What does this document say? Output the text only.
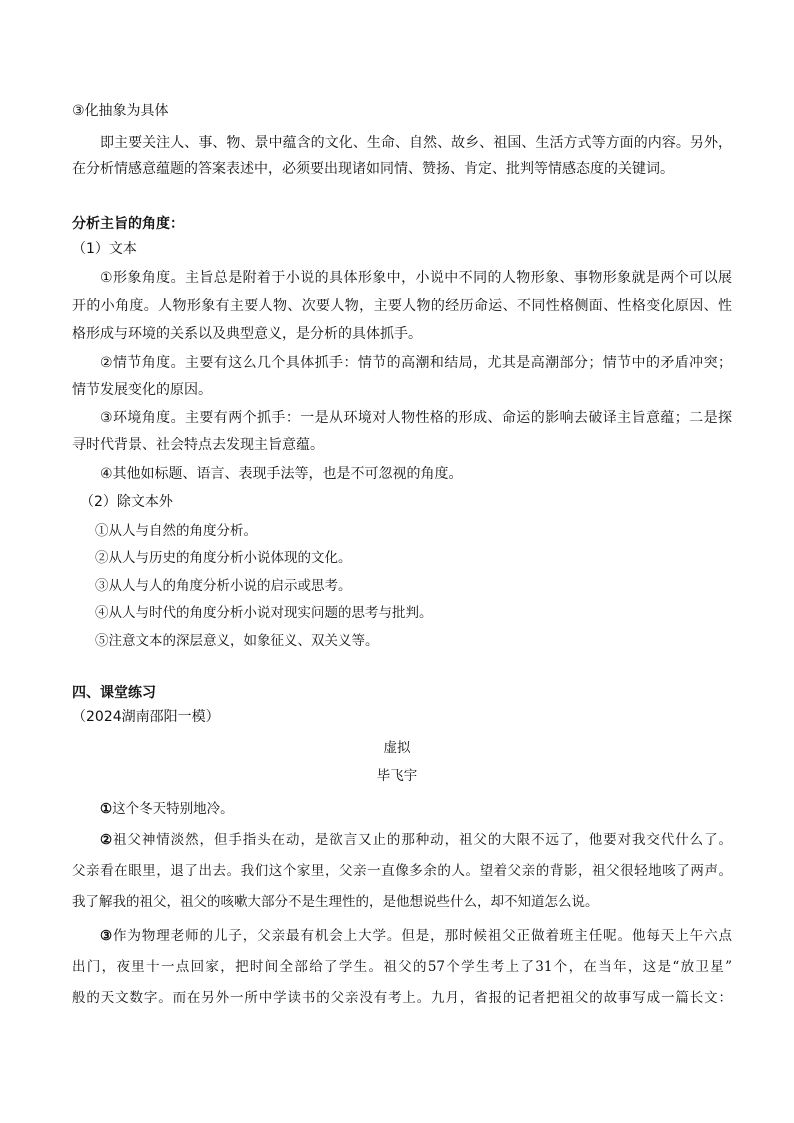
③化抽象为具体
即主要关注人、事、物、景中蕴含的文化、生命、自然、故乡、祖国、生活方式等方面的内容。另外，
在分析情感意蕴题的答案表述中，必须要出现诸如同情、赞扬、肯定、批判等情感态度的关键词。
分析主旨的角度：
（1）文本
①形象角度。主旨总是附着于小说的具体形象中，小说中不同的人物形象、事物形象就是两个可以展
开的小角度。人物形象有主要人物、次要人物，主要人物的经历命运、不同性格侧面、性格变化原因、性
格形成与环境的关系以及典型意义，是分析的具体抓手。
②情节角度。主要有这么几个具体抓手：情节的高潮和结局，尤其是高潮部分；情节中的矛盾冲突；
情节发展变化的原因。
③环境角度。主要有两个抓手：一是从环境对人物性格的形成、命运的影响去破译主旨意蕴；二是探
寻时代背景、社会特点去发现主旨意蕴。
④其他如标题、语言、表现手法等，也是不可忽视的角度。
（2）除文本外
①从人与自然的角度分析。
②从人与历史的角度分析小说体现的文化。
③从人与人的角度分析小说的启示或思考。
④从人与时代的角度分析小说对现实问题的思考与批判。
⑤注意文本的深层意义，如象征义、双关义等。
四、课堂练习
（2024湖南邵阳一模）
虚拟
毕飞宇
①这个冬天特别地冷。
②祖父神情淡然，但手指头在动，是欲言又止的那种动，祖父的大限不远了，他要对我交代什么了。
父亲看在眼里，退了出去。我们这个家里，父亲一直像多余的人。望着父亲的背影，祖父很轻地咳了两声。
我了解我的祖父，祖父的咳嗽大部分不是生理性的，是他想说些什么，却不知道怎么说。
③作为物理老师的儿子，父亲最有机会上大学。但是，那时候祖父正做着班主任呢。他每天上午六点
出门，夜里十一点回家，把时间全部给了学生。祖父的57个学生考上了31个，在当年，这是“放卫星”
般的天文数字。而在另外一所中学读书的父亲没有考上。九月，省报的记者把祖父的故事写成一篇长文：
